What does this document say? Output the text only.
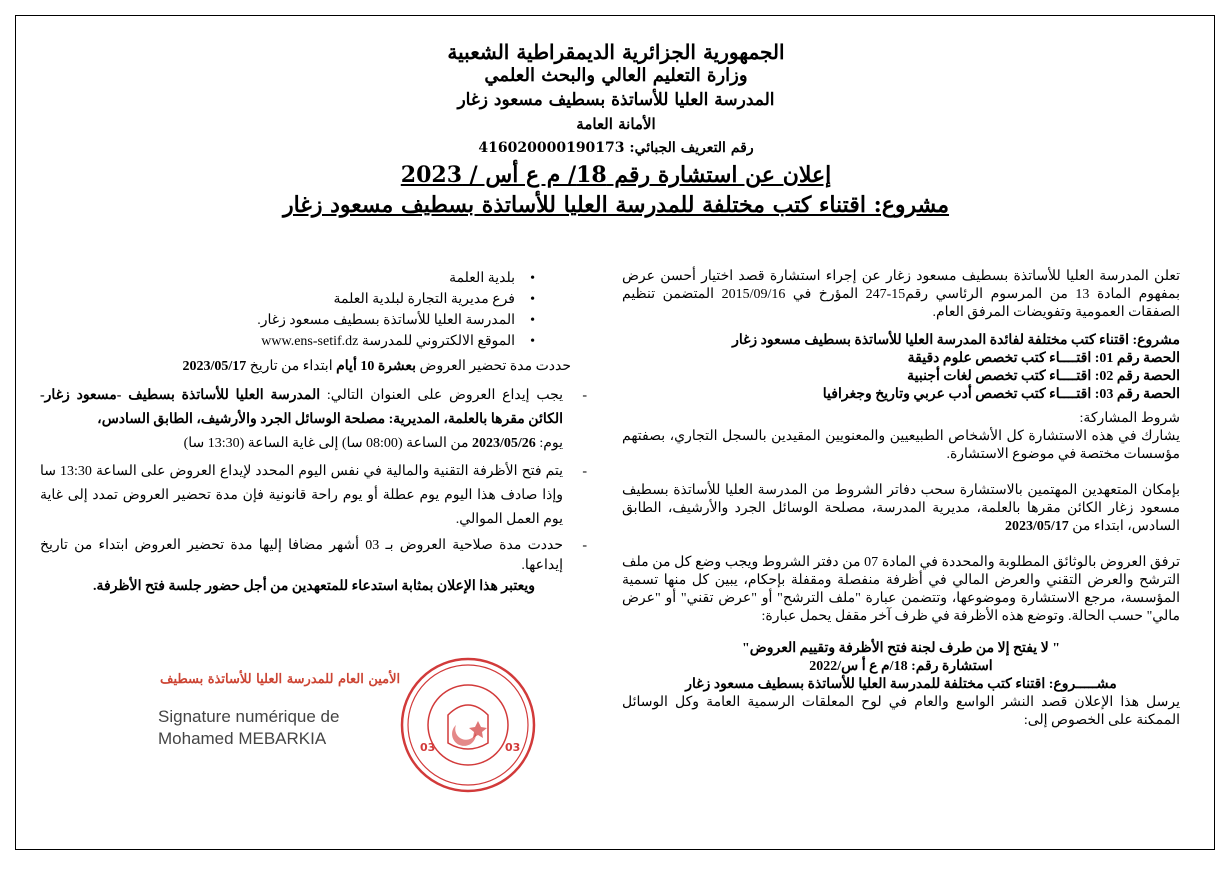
الجمهورية الجزائرية الديمقراطية الشعبية
وزارة التعليم العالي والبحث العلمي
المدرسة العليا للأساتذة بسطيف مسعود زغار
الأمانة العامة
رقم التعريف الجبائي: 416020000190173
إعلان عن استشارة رقم 18/ م ع أس / 2023
مشروع: اقتناء كتب مختلفة للمدرسة العليا للأساتذة بسطيف مسعود زغار

تعلن المدرسة العليا للأساتذة بسطيف مسعود زغار عن إجراء استشارة قصد اختيار أحسن عرض بمفهوم المادة 13 من المرسوم الرئاسي رقم15-247 المؤرخ في 2015/09/16 المتضمن تنظيم الصفقات العمومية وتفويضات المرفق العام.

مشروع: اقتناء كتب مختلفة لفائدة المدرسة العليا للأساتذة بسطيف مسعود زغار

الحصة رقم 01: اقتــــاء كتب تخصص علوم دقيقة

الحصة رقم 02: اقتــــاء كتب تخصص لغات أجنبية

الحصة رقم 03: اقتــــاء كتب تخصص أدب عربي وتاريخ وجغرافيا

شروط المشاركة:

يشارك في هذه الاستشارة كل الأشخاص الطبيعيين والمعنويين المقيدين بالسجل التجاري، بصفتهم مؤسسات مختصة في موضوع الاستشارة.

بإمكان المتعهدين المهتمين بالاستشارة سحب دفاتر الشروط من المدرسة العليا للأساتذة بسطيف مسعود زغار الكائن مقرها بالعلمة، مديرية المدرسة، مصلحة الوسائل الجرد والأرشيف، الطابق السادس، ابتداء من 2023/05/17

ترفق العروض بالوثائق المطلوبة والمحددة في المادة 07 من دفتر الشروط ويجب وضع كل من ملف الترشح والعرض التقني والعرض المالي في أظرفة منفصلة ومقفلة بإحكام، يبين كل منها تسمية المؤسسة، مرجع الاستشارة وموضوعها، وتتضمن عبارة "ملف الترشح" أو "عرض تقني" أو "عرض مالي" حسب الحالة. وتوضع هذه الأظرفة في ظرف آخر مقفل يحمل عبارة:

" لا يفتح إلا من طرف لجنة فتح الأظرفة وتقييم العروض"

استشارة رقم: 18/م ع أ س/2022

مشـــــروع: اقتناء كتب مختلفة للمدرسة العليا للأساتذة بسطيف مسعود زغار

يرسل هذا الإعلان قصد النشر الواسع والعام في لوح المعلقات الرسمية العامة وكل الوسائل الممكنة على الخصوص إلى:

• بلدية العلمة
• فرع مديرية التجارة لبلدية العلمة
• المدرسة العليا للأساتذة بسطيف مسعود زغار.
• الموقع الالكتروني للمدرسة www.ens-setif.dz

حددت مدة تحضير العروض بعشرة 10 أيام ابتداء من تاريخ 2023/05/17

- يجب إيداع العروض على العنوان التالي: المدرسة العليا للأساتذة بسطيف -مسعود زغار- الكائن مقرها بالعلمة، المديرية: مصلحة الوسائل الجرد والأرشيف، الطابق السادس،

يوم: 2023/05/26 من الساعة (08:00 سا) إلى غاية الساعة (13:30 سا)

- يتم فتح الأظرفة التقنية والمالية في نفس اليوم المحدد لإيداع العروض على الساعة 13:30 سا وإذا صادف هذا اليوم يوم عطلة أو يوم راحة قانونية فإن مدة تحضير العروض تمدد إلى غاية يوم العمل الموالي.

- حددت مدة صلاحية العروض بـ 03 أشهر مضافا إليها مدة تحضير العروض ابتداء من تاريخ إيداعها.

ويعتبر هذا الإعلان بمثابة استدعاء للمتعهدين من أجل حضور جلسة فتح الأظرفة.

الأمين العام للمدرسة العليا للأساتذة بسطيف
Signature numérique de
Mohamed MEBARKIA	03	03
